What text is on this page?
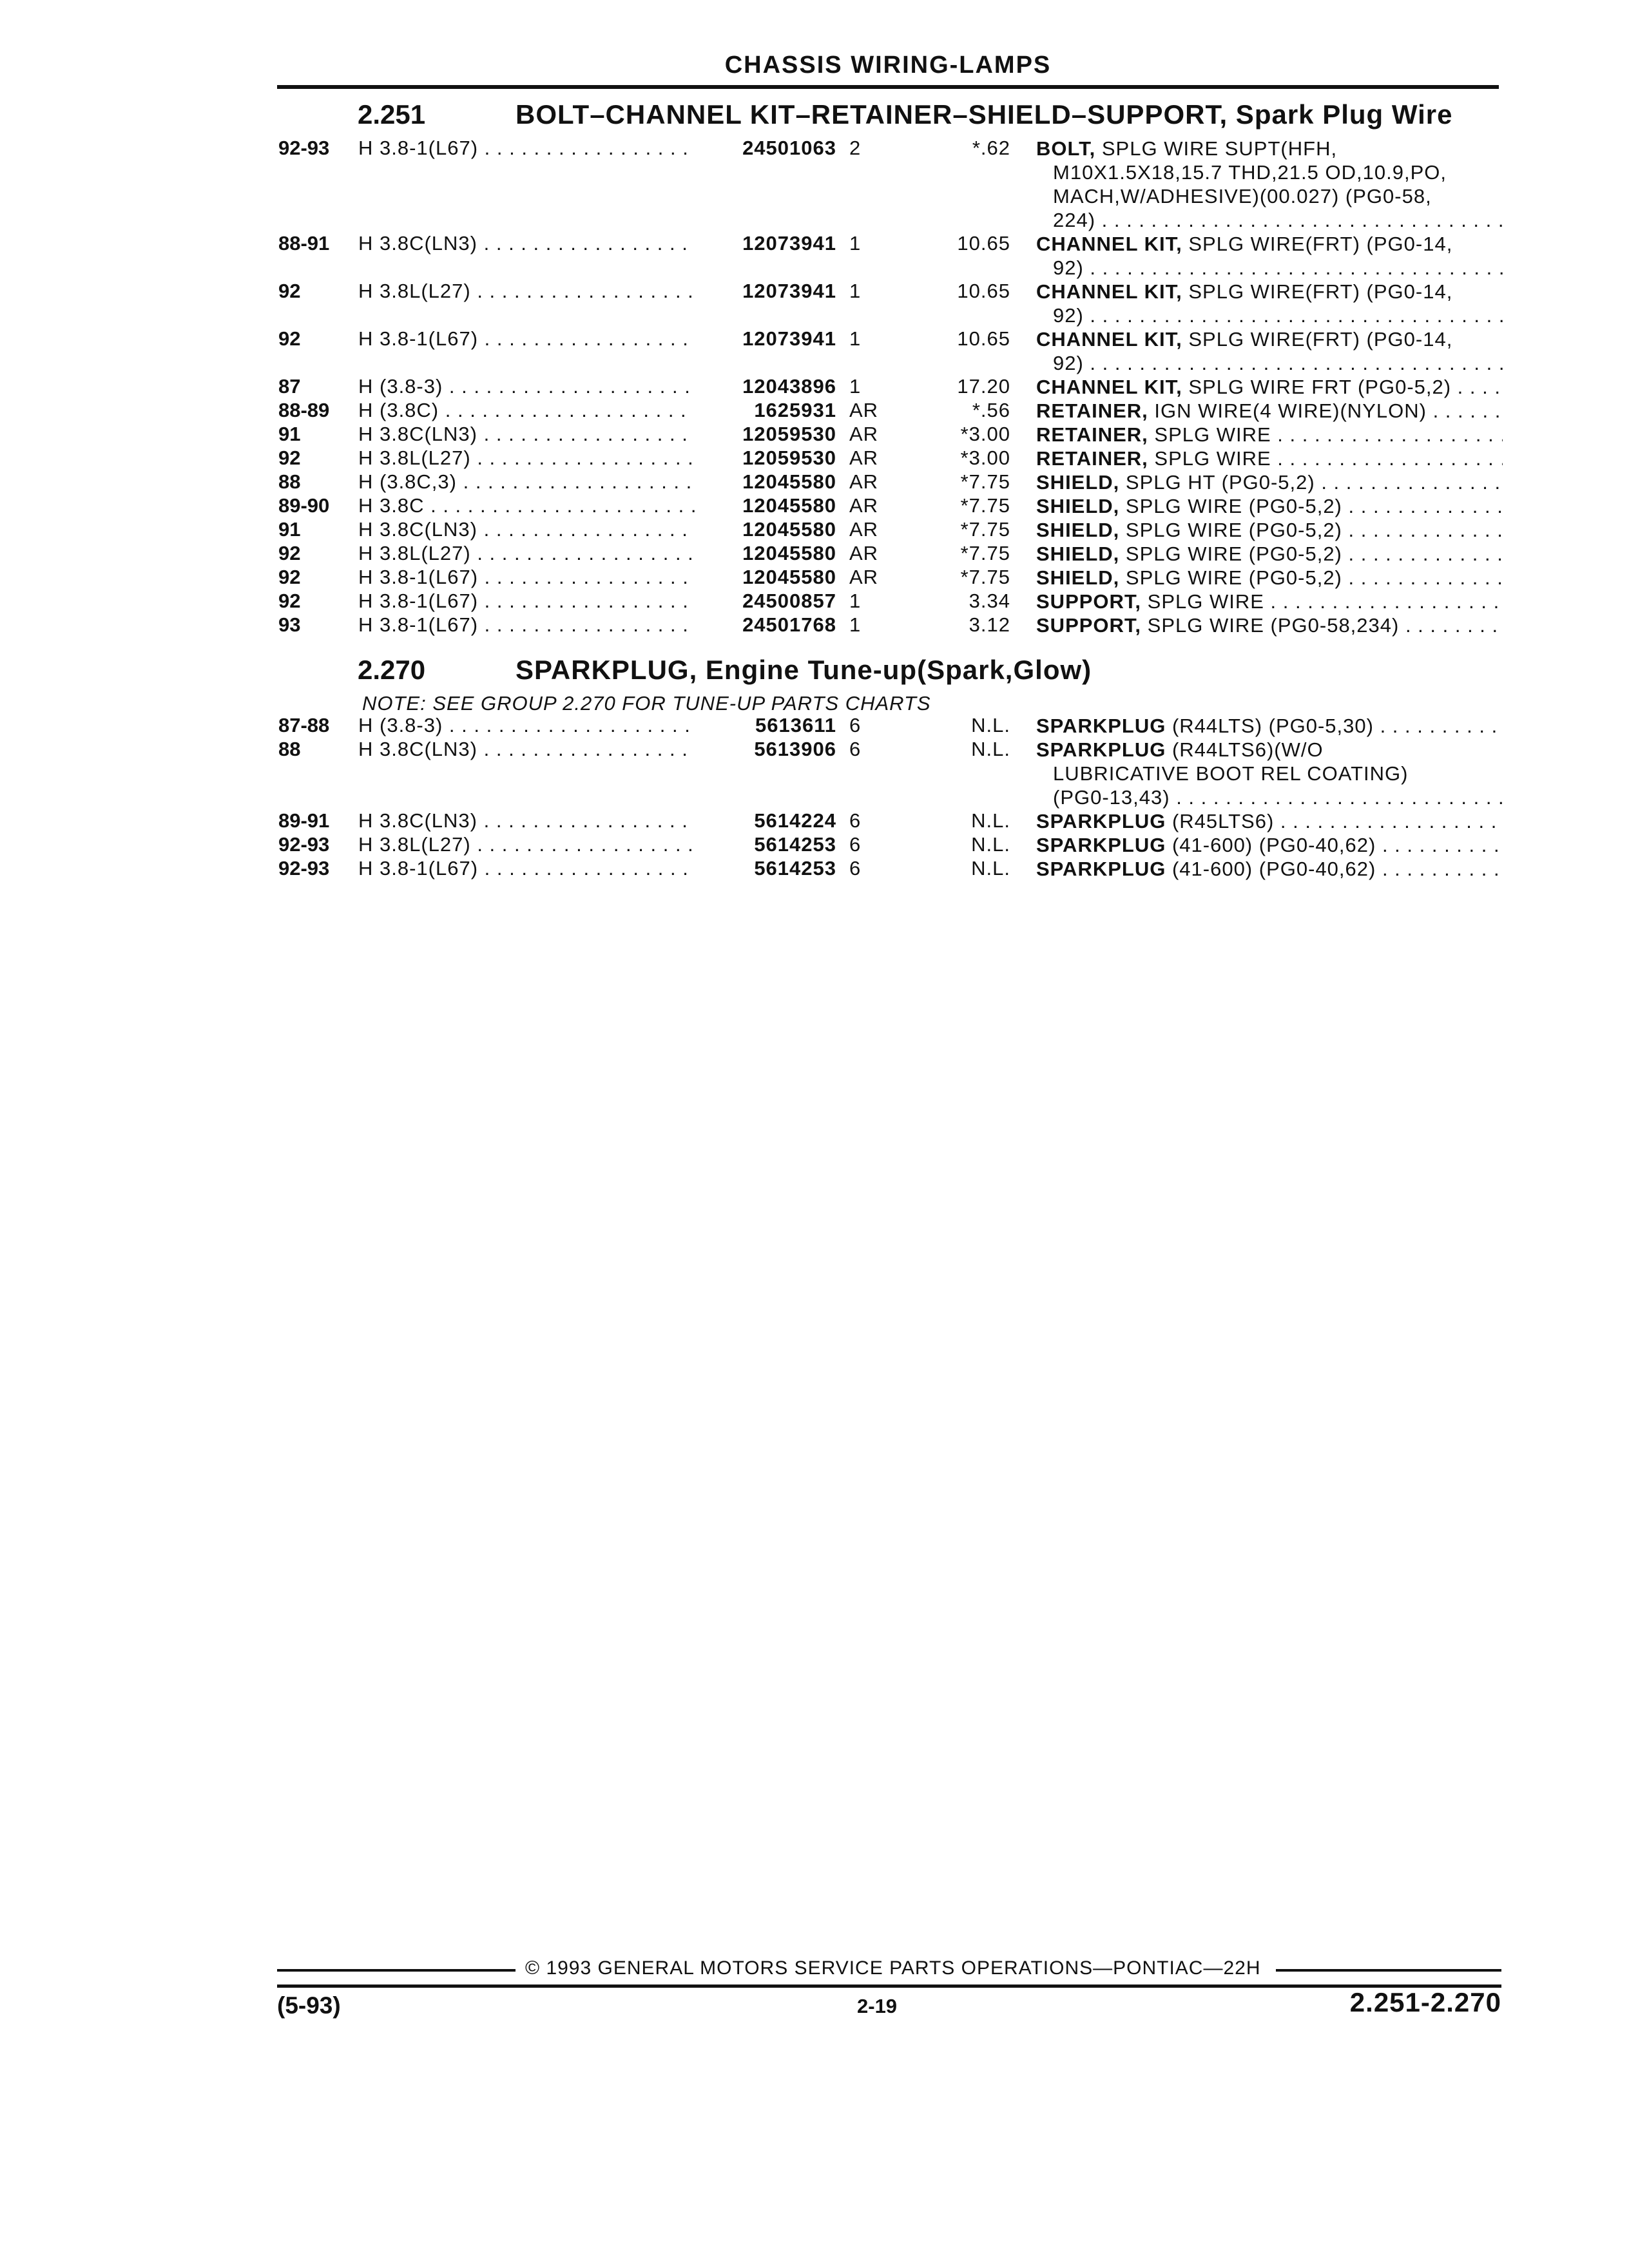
CHASSIS WIRING-LAMPS
2.251	BOLT–CHANNEL KIT–RETAINER–SHIELD–SUPPORT, Spark Plug Wire
92-93 H 3.8-1(L67) . . .	24501063 2	*.62 BOLT, SPLG WIRE SUPT(HFH,
M10X1.5X18,15.7 THD,21.5 OD,10.9,PO,
MACH,W/ADHESIVE)(00.027) (PG0-58,
224) . . .
88-91 H 3.8C(LN3) . . .	12073941 1	10.65 CHANNEL KIT, SPLG WIRE(FRT) (PG0-14,
92) . . .
92	H 3.8L(L27) . . .	12073941 1	10.65 CHANNEL KIT, SPLG WIRE(FRT) (PG0-14,
92) . . .
92	H 3.8-1(L67) . . .	12073941 1	10.65 CHANNEL KIT, SPLG WIRE(FRT) (PG0-14,
92) . . .
87	H (3.8-3) . . .	12043896 1	17.20 CHANNEL KIT, SPLG WIRE FRT (PG0-5,2) . . .
88-89 H (3.8C) . . .	1625931 AR	*.56 RETAINER, IGN WIRE(4 WIRE)(NYLON) . . .
91	H 3.8C(LN3) . . .	12059530 AR	*3.00 RETAINER, SPLG WIRE . . .
92	H 3.8L(L27) . . .	12059530 AR	*3.00 RETAINER, SPLG WIRE . . .
88	H (3.8C,3) . . .	12045580 AR	*7.75 SHIELD, SPLG HT (PG0-5,2) . . .
89-90 H 3.8C . . .	12045580 AR	*7.75 SHIELD, SPLG WIRE (PG0-5,2) . . .
91	H 3.8C(LN3) . . .	12045580 AR	*7.75 SHIELD, SPLG WIRE (PG0-5,2) . . .
92	H 3.8L(L27) . . .	12045580 AR	*7.75 SHIELD, SPLG WIRE (PG0-5,2) . . .
92	H 3.8-1(L67) . . .	12045580 AR	*7.75 SHIELD, SPLG WIRE (PG0-5,2) . . .
92	H 3.8-1(L67) . . .	24500857 1	3.34 SUPPORT, SPLG WIRE . . .
93	H 3.8-1(L67) . . .	24501768 1	3.12 SUPPORT, SPLG WIRE (PG0-58,234) . . .
2.270	SPARKPLUG, Engine Tune-up(Spark,Glow)
NOTE: SEE GROUP 2.270 FOR TUNE-UP PARTS CHARTS
87-88 H (3.8-3) . . .	5613611 6	N.L. SPARKPLUG (R44LTS) (PG0-5,30) . . .
88	H 3.8C(LN3) . . .	5613906 6	N.L. SPARKPLUG (R44LTS6)(W/O
LUBRICATIVE BOOT REL COATING)
(PG0-13,43) . . .
89-91 H 3.8C(LN3) . . .	5614224 6	N.L. SPARKPLUG (R45LTS6) . . .
92-93 H 3.8L(L27) . . .	5614253 6	N.L. SPARKPLUG (41-600) (PG0-40,62) . . .
92-93 H 3.8-1(L67) . . .	5614253 6	N.L. SPARKPLUG (41-600) (PG0-40,62) . . .
© 1993 GENERAL MOTORS SERVICE PARTS OPERATIONS—PONTIAC—22H
(5-93)	2-19	2.251-2.270
